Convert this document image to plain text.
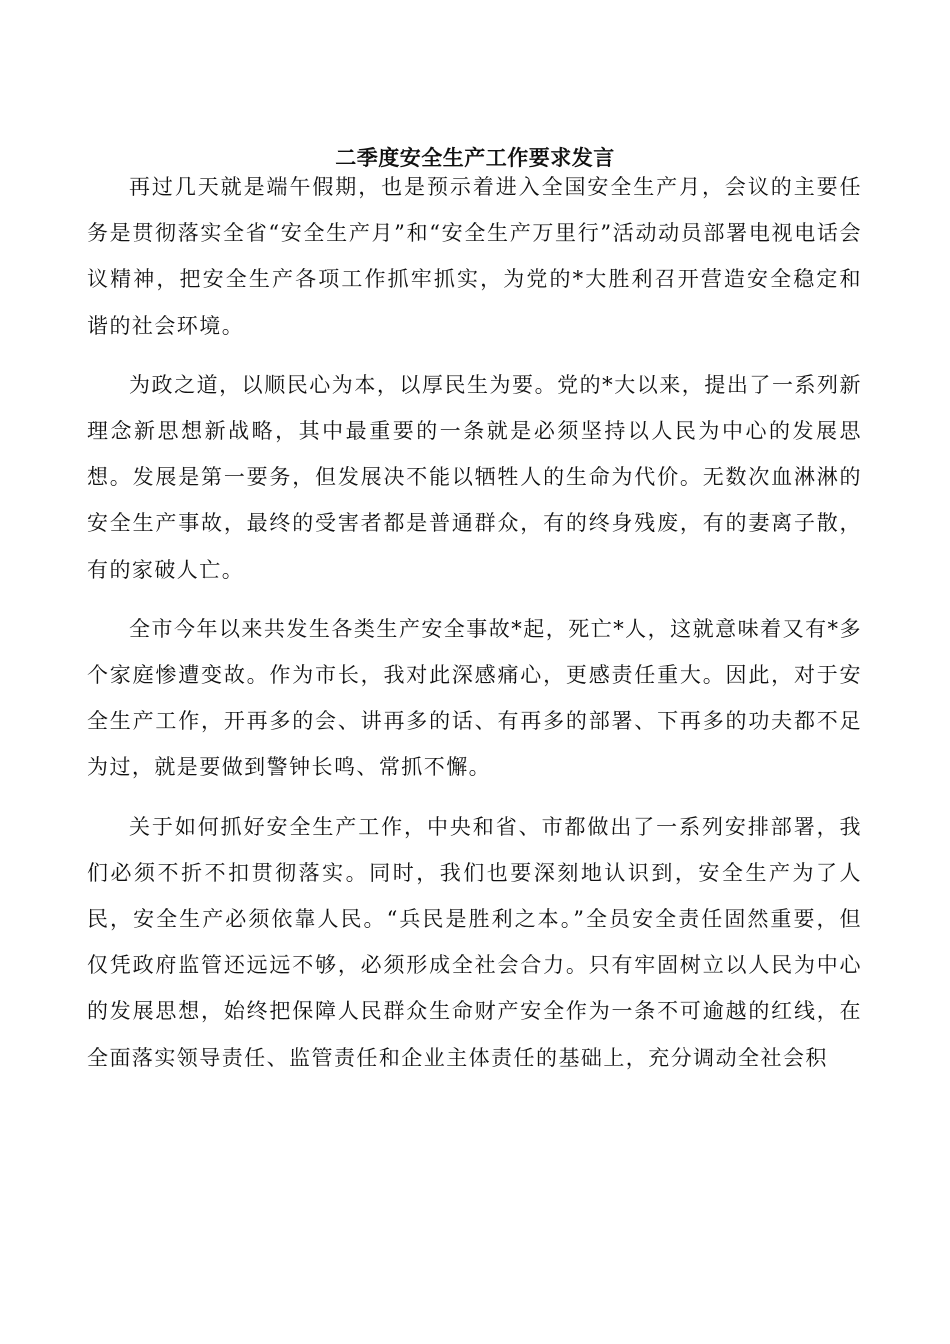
二季度安全生产工作要求发言

再过几天就是端午假期，也是预示着进入全国安全生产月，会议的主要任务是贯彻落实全省“安全生产月”和“安全生产万里行”活动动员部署电视电话会议精神，把安全生产各项工作抓牢抓实，为党的*大胜利召开营造安全稳定和谐的社会环境。

为政之道，以顺民心为本，以厚民生为要。党的*大以来，提出了一系列新理念新思想新战略，其中最重要的一条就是必须坚持以人民为中心的发展思想。发展是第一要务，但发展决不能以牺牲人的生命为代价。无数次血淋淋的安全生产事故，最终的受害者都是普通群众，有的终身残废，有的妻离子散，有的家破人亡。

全市今年以来共发生各类生产安全事故*起，死亡*人，这就意味着又有*多个家庭惨遭变故。作为市长，我对此深感痛心，更感责任重大。因此，对于安全生产工作，开再多的会、讲再多的话、有再多的部署、下再多的功夫都不足为过，就是要做到警钟长鸣、常抓不懈。

关于如何抓好安全生产工作，中央和省、市都做出了一系列安排部署，我们必须不折不扣贯彻落实。同时，我们也要深刻地认识到，安全生产为了人民，安全生产必须依靠人民。“兵民是胜利之本。”全员安全责任固然重要，但仅凭政府监管还远远不够，必须形成全社会合力。只有牢固树立以人民为中心的发展思想，始终把保障人民群众生命财产安全作为一条不可逾越的红线，在全面落实领导责任、监管责任和企业主体责任的基础上，充分调动全社会积
